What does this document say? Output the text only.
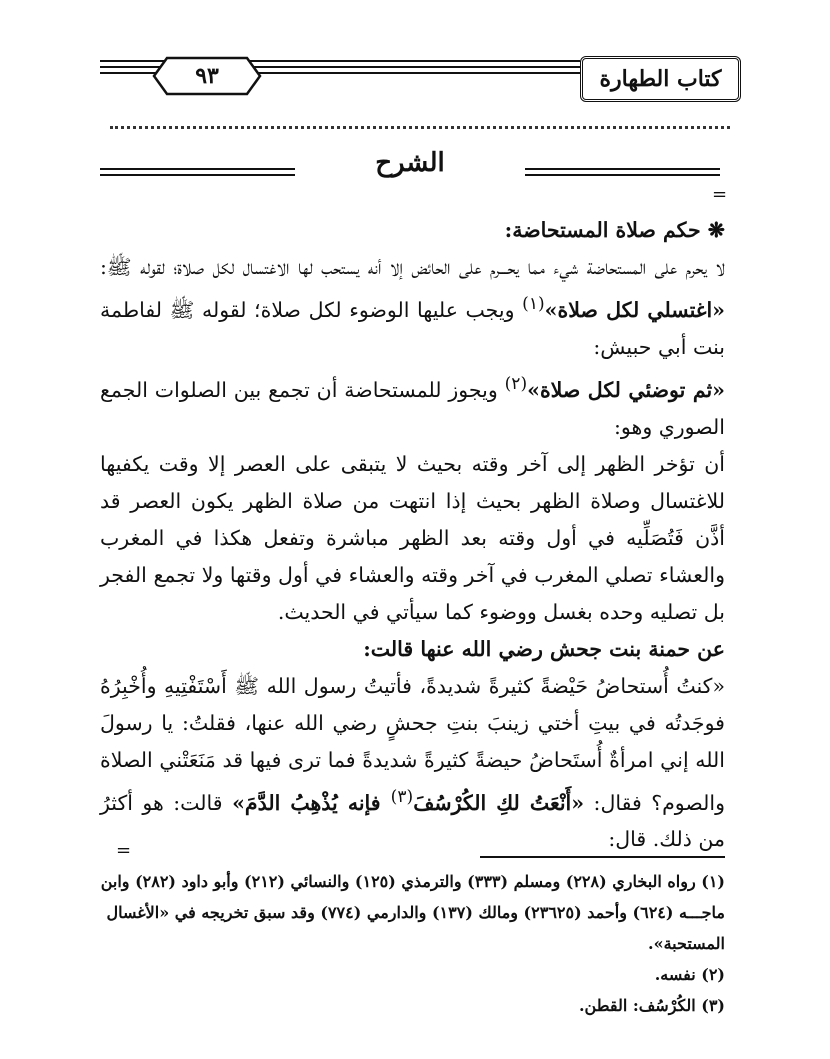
٩٣	كتاب الطهارة
الشرح
=

❋ حكم صلاة المستحاضة:

لا يحرم على المستحاضة شيء مما يحـــرم على الحائض إلا أنه يستحب لها الاغتسال لكل صلاة؛ لقوله ﷺ: «اغتسلي لكل صلاة»$^{(١)}$ ويجب عليها الوضوء لكل صلاة؛ لقوله ﷺ لفاطمة بنت أبي حبيش:

«ثم توضئي لكل صلاة»$^{(٢)}$ ويجوز للمستحاضة أن تجمع بين الصلوات الجمع الصوري وهو:

أن تؤخر الظهر إلى آخر وقته بحيث لا يتبقى على العصر إلا وقت يكفيها للاغتسال وصلاة الظهر بحيث إذا انتهت من صلاة الظهر يكون العصر قد أذَّن فَتُصَلِّيه في أول وقته بعد الظهر مباشرة وتفعل هكذا في المغرب والعشاء تصلي المغرب في آخر وقته والعشاء في أول وقتها ولا تجمع الفجر بل تصليه وحده بغسل ووضوء كما سيأتي في الحديث.

عن حمنة بنت جحش رضي الله عنها قالت:

«كنتُ أُستحاضُ حَيْضةً كثيرةً شديدةً، فأتيتُ رسول الله ﷺ أَسْتَفْتِيهِ وأُخْبِرُهُ فوجَدتُه في بيتِ أختي زينبَ بنتِ جحشٍ رضي الله عنها، فقلتُ: يا رسولَ الله إني امرأةٌ أُستَحاضُ حيضةً كثيرةً شديدةً فما ترى فيها قد مَنَعَتْني الصلاة والصوم؟ فقال: «أَنْعَتُ لكِ الكُرْسُفَ$^{(٣)}$ فإنه يُذْهِبُ الدَّمَ» قالت: هو أكثرُ من ذلك. قال:

=

(١) رواه البخاري (٢٢٨) ومسلم (٣٣٣) والترمذي (١٢٥) والنسائي (٢١٢) وأبو داود (٢٨٢) وابن ماجـــه (٦٢٤) وأحمد (٢٣٦٢٥) ومالك (١٣٧) والدارمي (٧٧٤) وقد سبق تخريجه في «الأغسال المستحبة».

(٢) نفسه.

(٣) الكُرْسُف: القطن.
